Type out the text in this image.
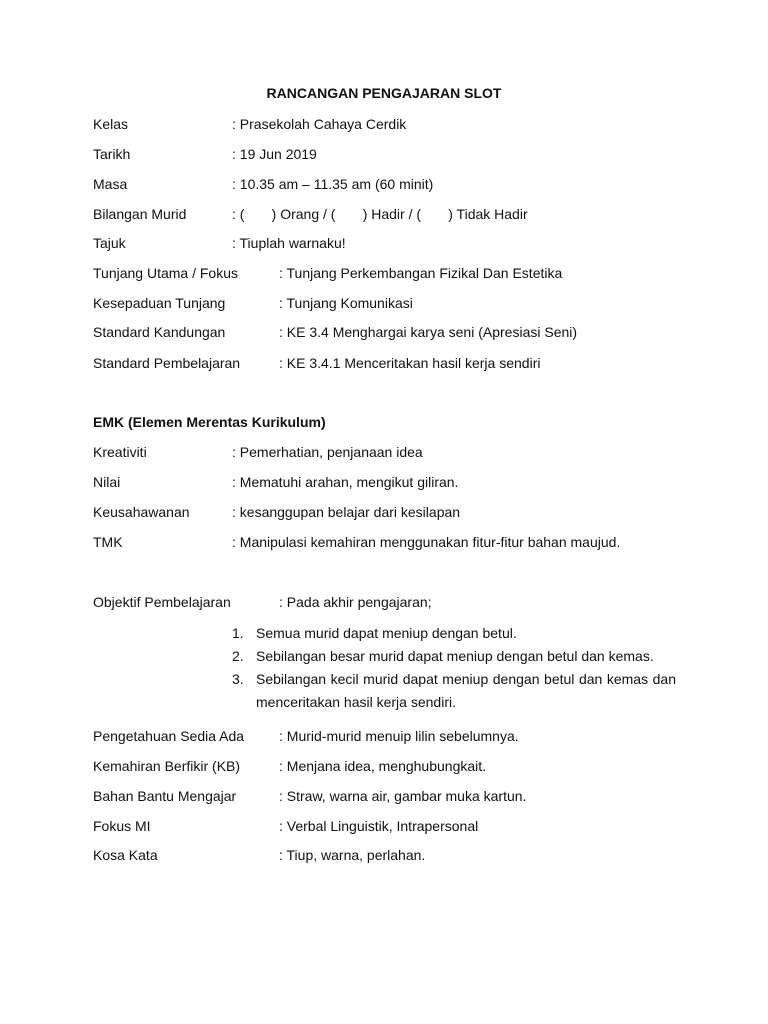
RANCANGAN PENGAJARAN SLOT
Kelas	: Prasekolah Cahaya Cerdik
Tarikh	: 19 Jun 2019
Masa	: 10.35 am – 11.35 am (60 minit)
Bilangan Murid	: (       ) Orang / (       ) Hadir / (       ) Tidak Hadir
Tajuk	: Tiuplah warnaku!
Tunjang Utama / Fokus	: Tunjang Perkembangan Fizikal Dan Estetika
Kesepaduan Tunjang	: Tunjang Komunikasi
Standard Kandungan	: KE 3.4 Menghargai karya seni (Apresiasi Seni)
Standard Pembelajaran	: KE 3.4.1 Menceritakan hasil kerja sendiri
EMK (Elemen Merentas Kurikulum)
Kreativiti	: Pemerhatian, penjanaan idea
Nilai	: Mematuhi arahan, mengikut giliran.
Keusahawanan	: kesanggupan belajar dari kesilapan
TMK	: Manipulasi kemahiran menggunakan fitur-fitur bahan maujud.
Objektif Pembelajaran	: Pada akhir pengajaran;
1. Semua murid dapat meniup dengan betul.
2. Sebilangan besar murid dapat meniup dengan betul dan kemas.
3. Sebilangan kecil murid dapat meniup dengan betul dan kemas dan menceritakan hasil kerja sendiri.
Pengetahuan Sedia Ada : Murid-murid menuip lilin sebelumnya.
Kemahiran Berfikir (KB)	: Menjana idea, menghubungkait.
Bahan Bantu Mengajar	: Straw, warna air, gambar muka kartun.
Fokus MI	: Verbal Linguistik, Intrapersonal
Kosa Kata	: Tiup, warna, perlahan.
